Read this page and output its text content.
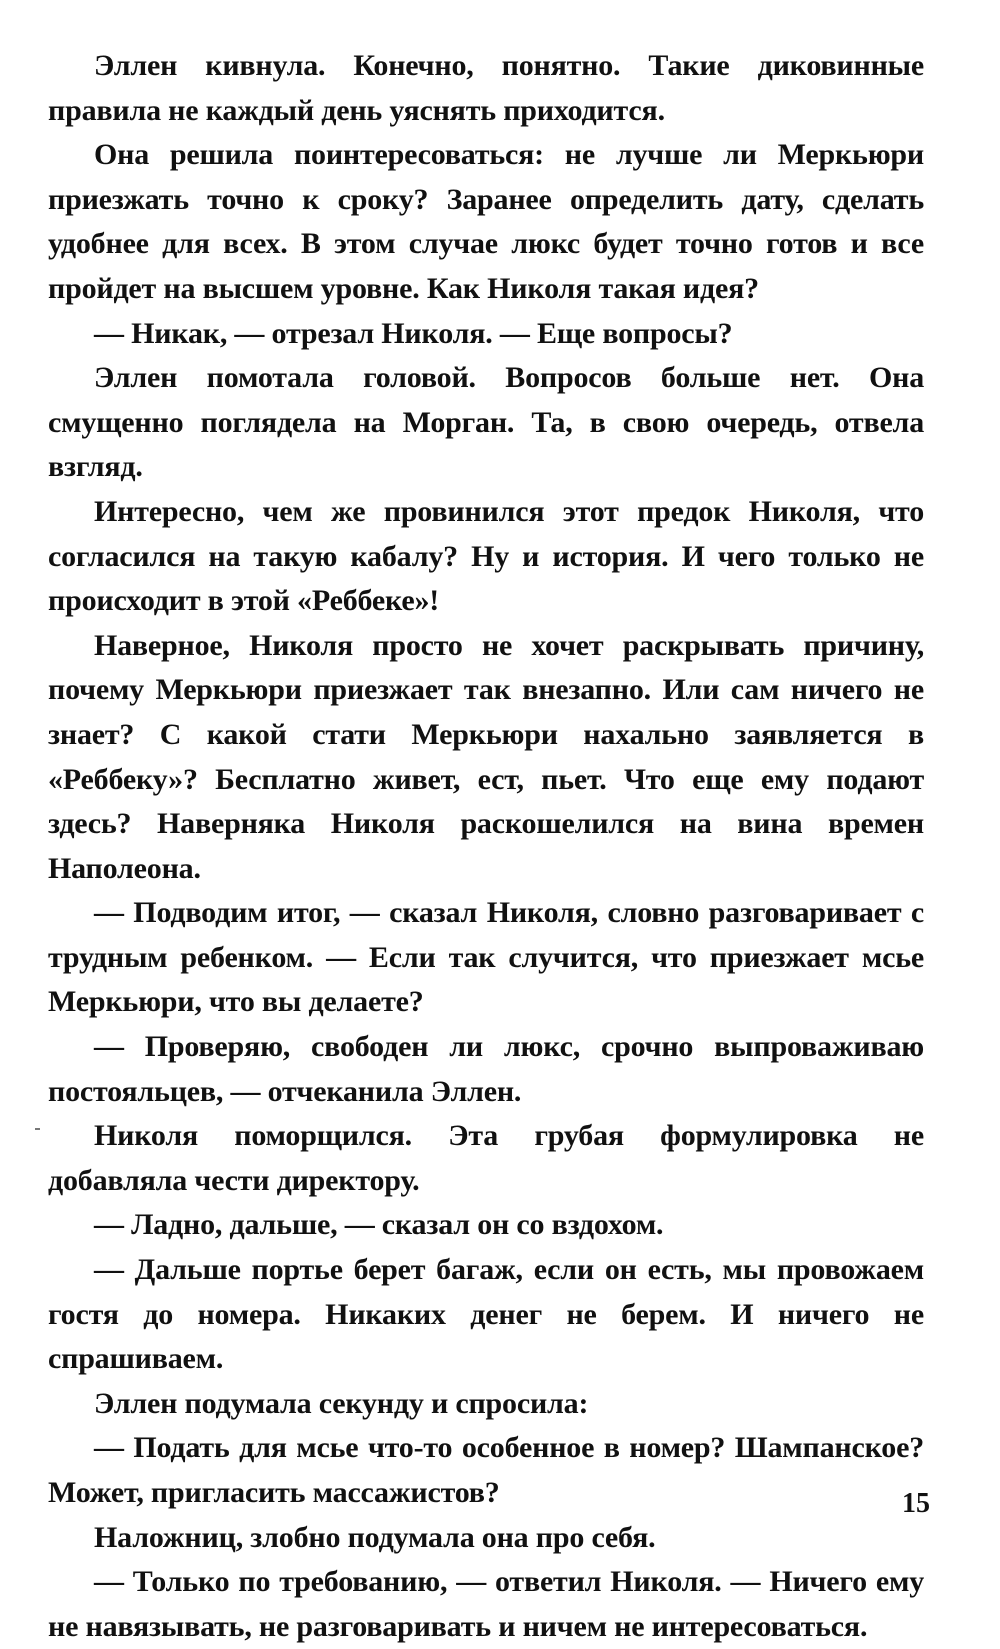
Эллен кивнула. Конечно, понятно. Такие диковинные правила не каждый день уяснять приходится.

Она решила поинтересоваться: не лучше ли Меркьюри приезжать точно к сроку? Заранее определить дату, сделать удобнее для всех. В этом случае люкс будет точно готов и все пройдет на высшем уровне. Как Николя такая идея?

— Никак, — отрезал Николя. — Еще вопросы?

Эллен помотала головой. Вопросов больше нет. Она смущенно поглядела на Морган. Та, в свою очередь, отвела взгляд.

Интересно, чем же провинился этот предок Николя, что согласился на такую кабалу? Ну и история. И чего только не происходит в этой «Реббеке»!

Наверное, Николя просто не хочет раскрывать причину, почему Меркьюри приезжает так внезапно. Или сам ничего не знает? С какой стати Меркьюри нахально заявляется в «Реббеку»? Бесплатно живет, ест, пьет. Что еще ему подают здесь? Наверняка Николя раскошелился на вина времен Наполеона.

— Подводим итог, — сказал Николя, словно разговаривает с трудным ребенком. — Если так случится, что приезжает мсье Меркьюри, что вы делаете?

— Проверяю, свободен ли люкс, срочно выпроваживаю постояльцев, — отчеканила Эллен.

Николя поморщился. Эта грубая формулировка не добавляла чести директору.

— Ладно, дальше, — сказал он со вздохом.

— Дальше портье берет багаж, если он есть, мы провожаем гостя до номера. Никаких денег не берем. И ничего не спрашиваем.

Эллен подумала секунду и спросила:

— Подать для мсье что-то особенное в номер? Шампанское? Может, пригласить массажистов?

Наложниц, злобно подумала она про себя.

— Только по требованию, — ответил Николя. — Ничего ему не навязывать, не разговаривать и ничем не интересоваться.

15
